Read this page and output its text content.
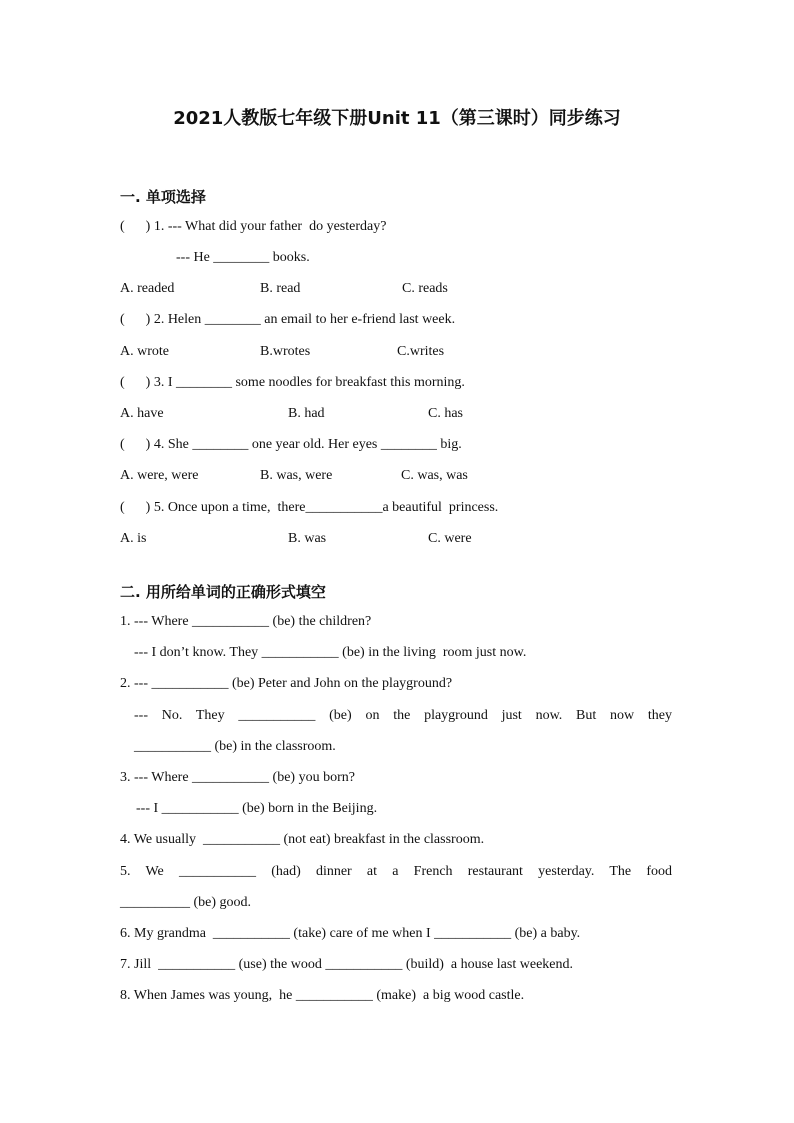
2021人教版七年级下册Unit 11（第三课时）同步练习
一. 单项选择
(      ) 1. --- What did your father  do yesterday?
--- He ________ books.
A. readed	B. read	C. reads
(      ) 2. Helen ________ an email to her e-friend last week.
A. wrote	B.wrotes	C.writes
(      ) 3. I ________ some noodles for breakfast this morning.
A. have	B. had	C. has
(      ) 4. She ________ one year old. Her eyes ________ big.
A. were, were	B. was, were	C. was, was
(      ) 5. Once upon a time,  there___________a beautiful  princess.
A. is	B. was	C. were
二. 用所给单词的正确形式填空
1. --- Where ___________ (be) the children?
--- I don’t know. They ___________ (be) in the living  room just now.
2. --- ___________ (be) Peter and John on the playground?
--- No. They ___________ (be) on the playground just now. But now they
___________ (be) in the classroom.
3. --- Where ___________ (be) you born?
--- I ___________ (be) born in the Beijing.
4. We usually  ___________ (not eat) breakfast in the classroom.
5. We ___________ (had) dinner at a French restaurant yesterday. The food
__________ (be) good.
6. My grandma  ___________ (take) care of me when I ___________ (be) a baby.
7. Jill  ___________ (use) the wood ___________ (build)  a house last weekend.
8. When James was young,  he ___________ (make)  a big wood castle.
